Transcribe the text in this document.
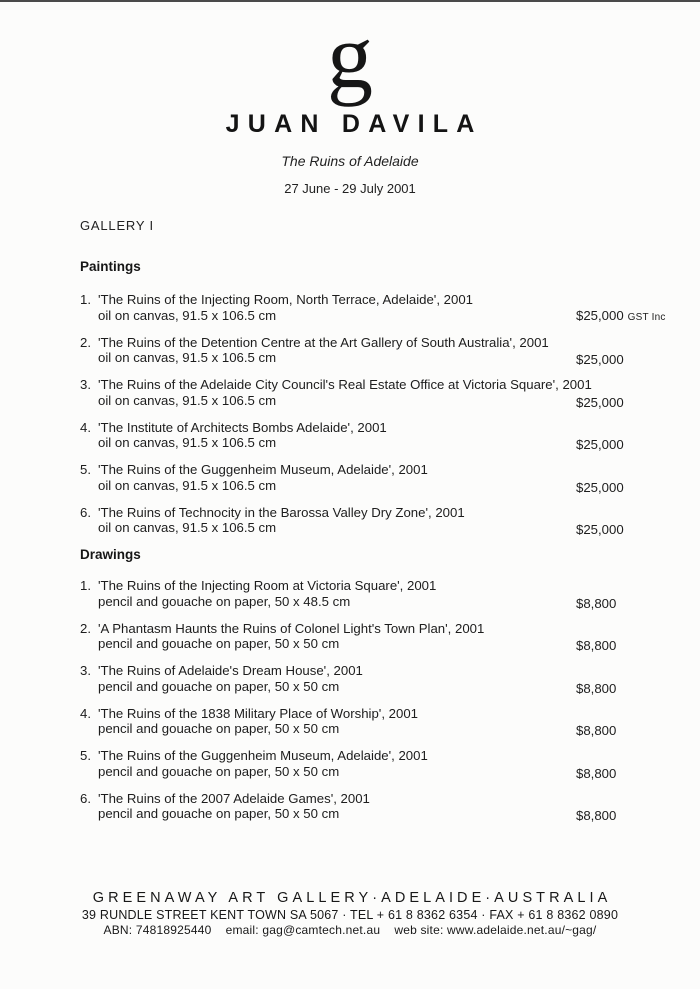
g
JUAN DAVILA
The Ruins of Adelaide
27 June - 29 July 2001
GALLERY I
Paintings
1. 'The Ruins of the Injecting Room, North Terrace, Adelaide', 2001
oil on canvas, 91.5 x 106.5 cm	$25,000 GST Inc
2. 'The Ruins of the Detention Centre at the Art Gallery of South Australia', 2001
oil on canvas, 91.5 x 106.5 cm	$25,000
3. 'The Ruins of the Adelaide City Council's Real Estate Office at Victoria Square', 2001
oil on canvas, 91.5 x 106.5 cm	$25,000
4. 'The Institute of Architects Bombs Adelaide', 2001
oil on canvas, 91.5 x 106.5 cm	$25,000
5. 'The Ruins of the Guggenheim Museum, Adelaide', 2001
oil on canvas, 91.5 x 106.5 cm	$25,000
6. 'The Ruins of Technocity in the Barossa Valley Dry Zone', 2001
oil on canvas, 91.5 x 106.5 cm	$25,000
Drawings
1. 'The Ruins of the Injecting Room at Victoria Square', 2001
pencil and gouache on paper, 50 x 48.5 cm	$8,800
2. 'A Phantasm Haunts the Ruins of Colonel Light's Town Plan', 2001
pencil and gouache on paper, 50 x 50 cm	$8,800
3. 'The Ruins of Adelaide's Dream House', 2001
pencil and gouache on paper, 50 x 50 cm	$8,800
4. 'The Ruins of the 1838 Military Place of Worship', 2001
pencil and gouache on paper, 50 x 50 cm	$8,800
5. 'The Ruins of the Guggenheim Museum, Adelaide', 2001
pencil and gouache on paper, 50 x 50 cm	$8,800
6. 'The Ruins of the 2007 Adelaide Games', 2001
pencil and gouache on paper, 50 x 50 cm	$8,800
GREENAWAY ART GALLERY·ADELAIDE·AUSTRALIA
39 RUNDLE STREET KENT TOWN SA 5067 · TEL + 61 8 8362 6354 · FAX + 61 8 8362 0890
ABN: 74818925440    email: gag@camtech.net.au    web site: www.adelaide.net.au/~gag/
